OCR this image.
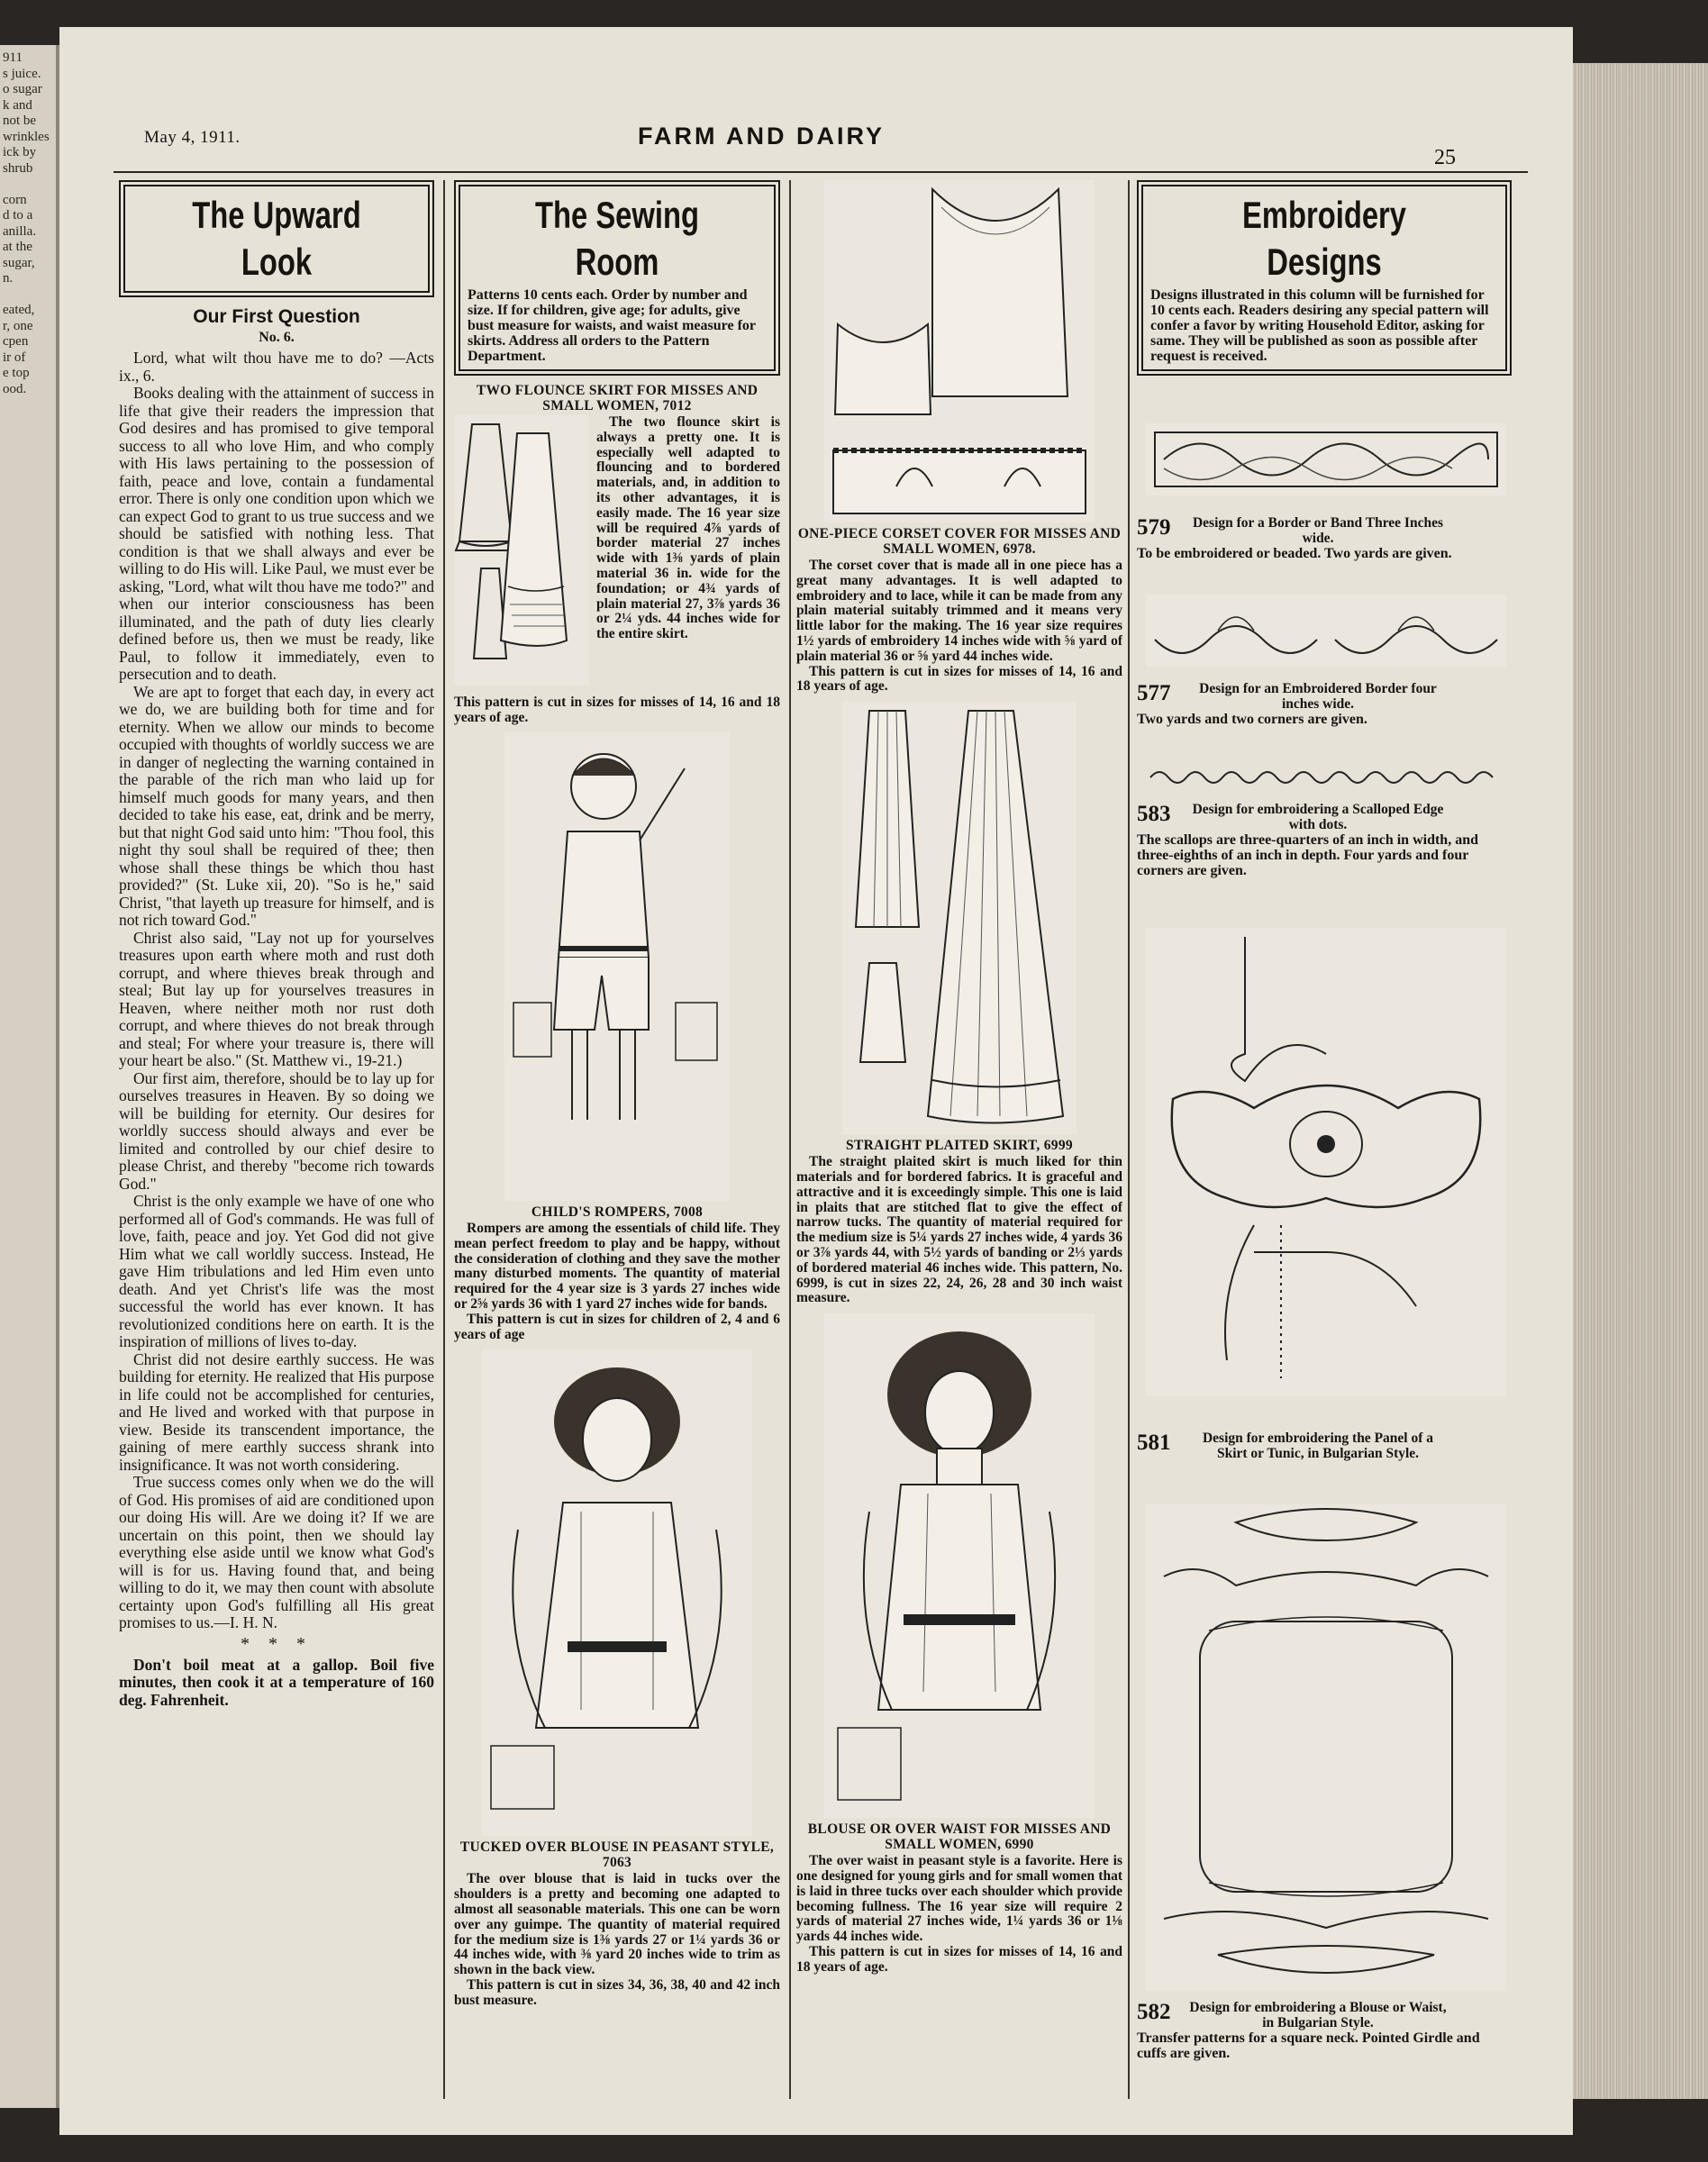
911
s juice.
o sugar
k and
not be
wrinkles
ick by
shrub

corn
d to a
anilla.
at the
sugar,
n.

eated,
r, one
cpen
ir of
e top
ood.
May 4, 1911.	FARM AND DAIRY
25
The Upward Look
Our First Question
No. 6.

Lord, what wilt thou have me to do? —Acts ix., 6.

Books dealing with the attainment of success in life that give their readers the impression that God desires and has promised to give temporal success to all who love Him, and who comply with His laws pertaining to the possession of faith, peace and love, contain a fundamental error. There is only one condition upon which we can expect God to grant to us true success and we should be satisfied with nothing less. That condition is that we shall always and ever be willing to do His will. Like Paul, we must ever be asking, "Lord, what wilt thou have me todo?" and when our interior consciousness has been illuminated, and the path of duty lies clearly defined before us, then we must be ready, like Paul, to follow it immediately, even to persecution and to death.

We are apt to forget that each day, in every act we do, we are building both for time and for eternity. When we allow our minds to become occupied with thoughts of worldly success we are in danger of neglecting the warning contained in the parable of the rich man who laid up for himself much goods for many years, and then decided to take his ease, eat, drink and be merry, but that night God said unto him: "Thou fool, this night thy soul shall be required of thee; then whose shall these things be which thou hast provided?" (St. Luke xii, 20). "So is he," said Christ, "that layeth up treasure for himself, and is not rich toward God."

Christ also said, "Lay not up for yourselves treasures upon earth where moth and rust doth corrupt, and where thieves break through and steal; But lay up for yourselves treasures in Heaven, where neither moth nor rust doth corrupt, and where thieves do not break through and steal; For where your treasure is, there will your heart be also." (St. Matthew vi., 19-21.)

Our first aim, therefore, should be to lay up for ourselves treasures in Heaven. By so doing we will be building for eternity. Our desires for worldly success should always and ever be limited and controlled by our chief desire to please Christ, and thereby "become rich towards God."

Christ is the only example we have of one who performed all of God's commands. He was full of love, faith, peace and joy. Yet God did not give Him what we call worldly success. Instead, He gave Him tribulations and led Him even unto death. And yet Christ's life was the most successful the world has ever known. It has revolutionized conditions here on earth. It is the inspiration of millions of lives to-day.

Christ did not desire earthly success. He was building for eternity. He realized that His purpose in life could not be accomplished for centuries, and He lived and worked with that purpose in view. Beside its transcendent importance, the gaining of mere earthly success shrank into insignificance. It was not worth considering.

True success comes only when we do the will of God. His promises of aid are conditioned upon our doing His will. Are we doing it? If we are uncertain on this point, then we should lay everything else aside until we know what God's will is for us. Having found that, and being willing to do it, we may then count with absolute certainty upon God's fulfilling all His great promises to us.—I. H. N.

* * *

Don't boil meat at a gallop. Boil five minutes, then cook it at a temperature of 160 deg. Fahrenheit.

The Sewing Room

Patterns 10 cents each. Order by number and size. If for children, give age; for adults, give bust measure for waists, and waist measure for skirts. Address all orders to the Pattern Department.

TWO FLOUNCE SKIRT FOR MISSES AND SMALL WOMEN, 7012

The two flounce skirt is always a pretty one. It is especially well adapted to flouncing and to bordered materials, and, in addition to its other advantages, it is easily made. The 16 year size will be required 4⅞ yards of border material 27 inches wide with 1⅜ yards of plain material 36 in. wide for the foundation; or 4¾ yards of plain material 27, 3⅞ yards 36 or 2¼ yds. 44 inches wide for the entire skirt.

This pattern is cut in sizes for misses of 14, 16 and 18 years of age.
CHILD'S ROMPERS, 7008

Rompers are among the essentials of child life. They mean perfect freedom to play and be happy, without the consideration of clothing and they save the mother many disturbed moments. The quantity of material required for the 4 year size is 3 yards 27 inches wide or 2⅝ yards 36 with 1 yard 27 inches wide for bands.

This pattern is cut in sizes for children of 2, 4 and 6 years of age

TUCKED OVER BLOUSE IN PEASANT STYLE, 7063

The over blouse that is laid in tucks over the shoulders is a pretty and becoming one adapted to almost all seasonable materials. This one can be worn over any guimpe. The quantity of material required for the medium size is 1⅜ yards 27 or 1¼ yards 36 or 44 inches wide, with ⅜ yard 20 inches wide to trim as shown in the back view.

This pattern is cut in sizes 34, 36, 38, 40 and 42 inch bust measure.

ONE-PIECE CORSET COVER FOR MISSES AND SMALL WOMEN, 6978.

The corset cover that is made all in one piece has a great many advantages. It is well adapted to embroidery and to lace, while it can be made from any plain material suitably trimmed and it means very little labor for the making. The 16 year size requires 1½ yards of embroidery 14 inches wide with ⅝ yard of plain material 36 or ⅝ yard 44 inches wide.

This pattern is cut in sizes for misses of 14, 16 and 18 years of age.

STRAIGHT PLAITED SKIRT, 6999

The straight plaited skirt is much liked for thin materials and for bordered fabrics. It is graceful and attractive and it is exceedingly simple. This one is laid in plaits that are stitched flat to give the effect of narrow tucks. The quantity of material required for the medium size is 5¼ yards 27 inches wide, 4 yards 36 or 3⅞ yards 44, with 5½ yards of banding or 2⅓ yards of bordered material 46 inches wide. This pattern, No. 6999, is cut in sizes 22, 24, 26, 28 and 30 inch waist measure.

BLOUSE OR OVER WAIST FOR MISSES AND SMALL WOMEN, 6990

The over waist in peasant style is a favorite. Here is one designed for young girls and for small women that is laid in three tucks over each shoulder which provide becoming fullness. The 16 year size will require 2 yards of material 27 inches wide, 1¼ yards 36 or 1⅛ yards 44 inches wide.

This pattern is cut in sizes for misses of 14, 16 and 18 years of age.

Embroidery Designs

Designs illustrated in this column will be furnished for 10 cents each. Readers desiring any special pattern will confer a favor by writing Household Editor, asking for same. They will be published as soon as possible after request is received.

579 Design for a Border or Band Three Inches wide.
To be embroidered or beaded. Two yards are given.
577 Design for an Embroidered Border four inches wide.
Two yards and two corners are given.
583 Design for embroidering a Scalloped Edge with dots.
The scallops are three-quarters of an inch in width, and three-eighths of an inch in depth. Four yards and four corners are given.
581 Design for embroidering the Panel of a Skirt or Tunic, in Bulgarian Style.
582 Design for embroidering a Blouse or Waist, in Bulgarian Style.
Transfer patterns for a square neck. Pointed Girdle and cuffs are given.
